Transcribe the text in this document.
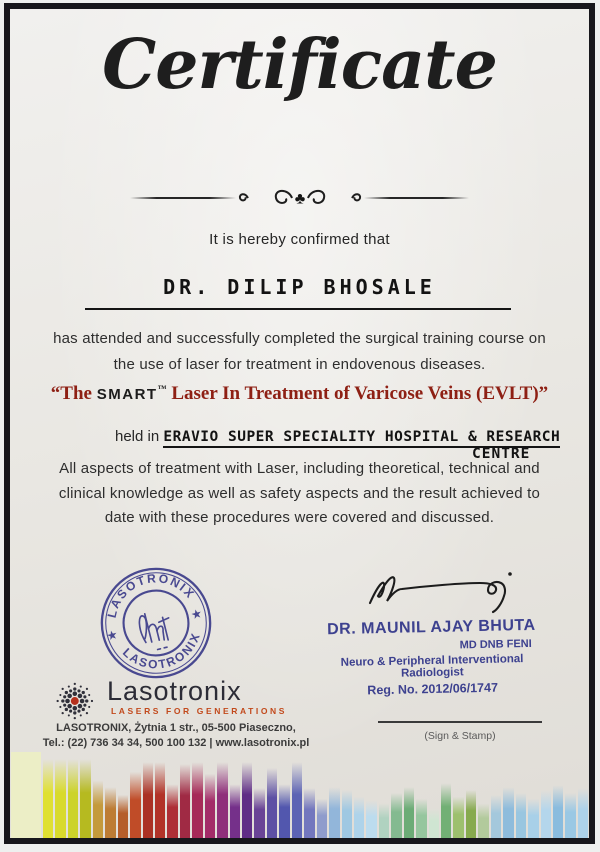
Certificate
♣
It is hereby confirmed that
DR. DILIP BHOSALE
has attended and successfully completed the surgical training course on
the use of laser for treatment in endovenous diseases.
“The SMART™ Laser In Treatment of Varicose Veins (EVLT)”
held in ERAVIO SUPER SPECIALITY HOSPITAL & RESEARCH
CENTRE
All aspects of treatment with Laser, including theoretical, technical and
clinical knowledge as well as safety aspects and the result achieved to
date with these procedures were covered and discussed.
LASOTRONIX
LASOTRONIX
★
★
DR. MAUNIL AJAY BHUTA
MD DNB FENI
Neuro & Peripheral Interventional Radiologist
Reg. No. 2012/06/1747
(Sign & Stamp)
Lasotronix
LASERS FOR GENERATIONS
LASOTRONIX, Żytnia 1 str., 05-500 Piaseczno,
Tel.: (22) 736 34 34, 500 100 132 | www.lasotronix.pl
